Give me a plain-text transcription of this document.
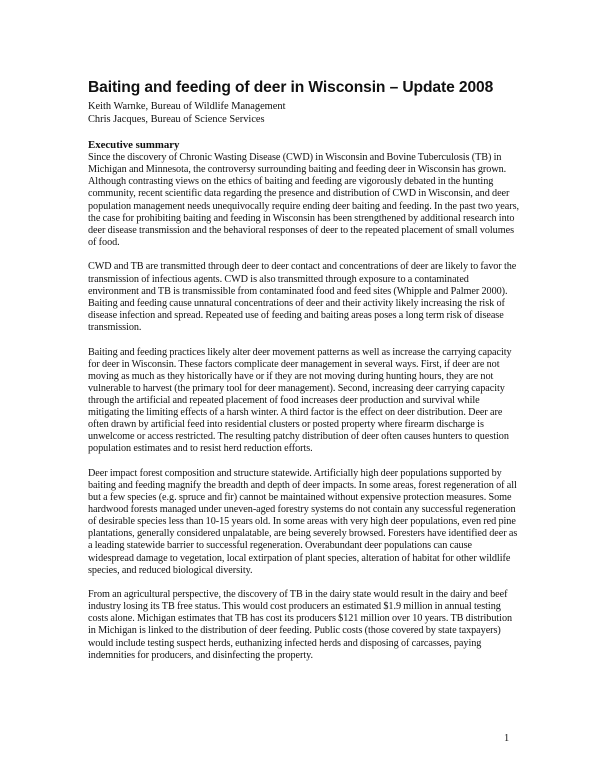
Baiting and feeding of deer in Wisconsin – Update 2008

Keith Warnke, Bureau of Wildlife Management

Chris Jacques, Bureau of Science Services

Executive summary

Since the discovery of Chronic Wasting Disease (CWD) in Wisconsin and Bovine Tuberculosis (TB) in Michigan and Minnesota, the controversy surrounding baiting and feeding deer in Wisconsin has grown. Although contrasting views on the ethics of baiting and feeding are vigorously debated in the hunting community, recent scientific data regarding the presence and distribution of CWD in Wisconsin, and deer population management needs unequivocally require ending deer baiting and feeding. In the past two years, the case for prohibiting baiting and feeding in Wisconsin has been strengthened by additional research into deer disease transmission and the behavioral responses of deer to the repeated placement of small volumes of food.

CWD and TB are transmitted through deer to deer contact and concentrations of deer are likely to favor the transmission of infectious agents. CWD is also transmitted through exposure to a contaminated environment and TB is transmissible from contaminated food and feed sites (Whipple and Palmer 2000). Baiting and feeding cause unnatural concentrations of deer and their activity likely increasing the risk of disease infection and spread. Repeated use of feeding and baiting areas poses a long term risk of disease transmission.

Baiting and feeding practices likely alter deer movement patterns as well as increase the carrying capacity for deer in Wisconsin. These factors complicate deer management in several ways. First, if deer are not moving as much as they historically have or if they are not moving during hunting hours, they are not vulnerable to harvest (the primary tool for deer management). Second, increasing deer carrying capacity through the artificial and repeated placement of food increases deer production and survival while mitigating the limiting effects of a harsh winter. A third factor is the effect on deer distribution. Deer are often drawn by artificial feed into residential clusters or posted property where firearm discharge is unwelcome or access restricted. The resulting patchy distribution of deer often causes hunters to question population estimates and to resist herd reduction efforts.

Deer impact forest composition and structure statewide. Artificially high deer populations supported by baiting and feeding magnify the breadth and depth of deer impacts. In some areas, forest regeneration of all but a few species (e.g. spruce and fir) cannot be maintained without expensive protection measures. Some hardwood forests managed under uneven-aged forestry systems do not contain any successful regeneration of desirable species less than 10-15 years old. In some areas with very high deer populations, even red pine plantations, generally considered unpalatable, are being severely browsed. Foresters have identified deer as a leading statewide barrier to successful regeneration. Overabundant deer populations can cause widespread damage to vegetation, local extirpation of plant species, alteration of habitat for other wildlife species, and reduced biological diversity.

From an agricultural perspective, the discovery of TB in the dairy state would result in the dairy and beef industry losing its TB free status. This would cost producers an estimated $1.9 million in annual testing costs alone. Michigan estimates that TB has cost its producers $121 million over 10 years. TB distribution in Michigan is linked to the distribution of deer feeding. Public costs (those covered by state taxpayers) would include testing suspect herds, euthanizing infected herds and disposing of carcasses, paying indemnities for producers, and disinfecting the property.

1
